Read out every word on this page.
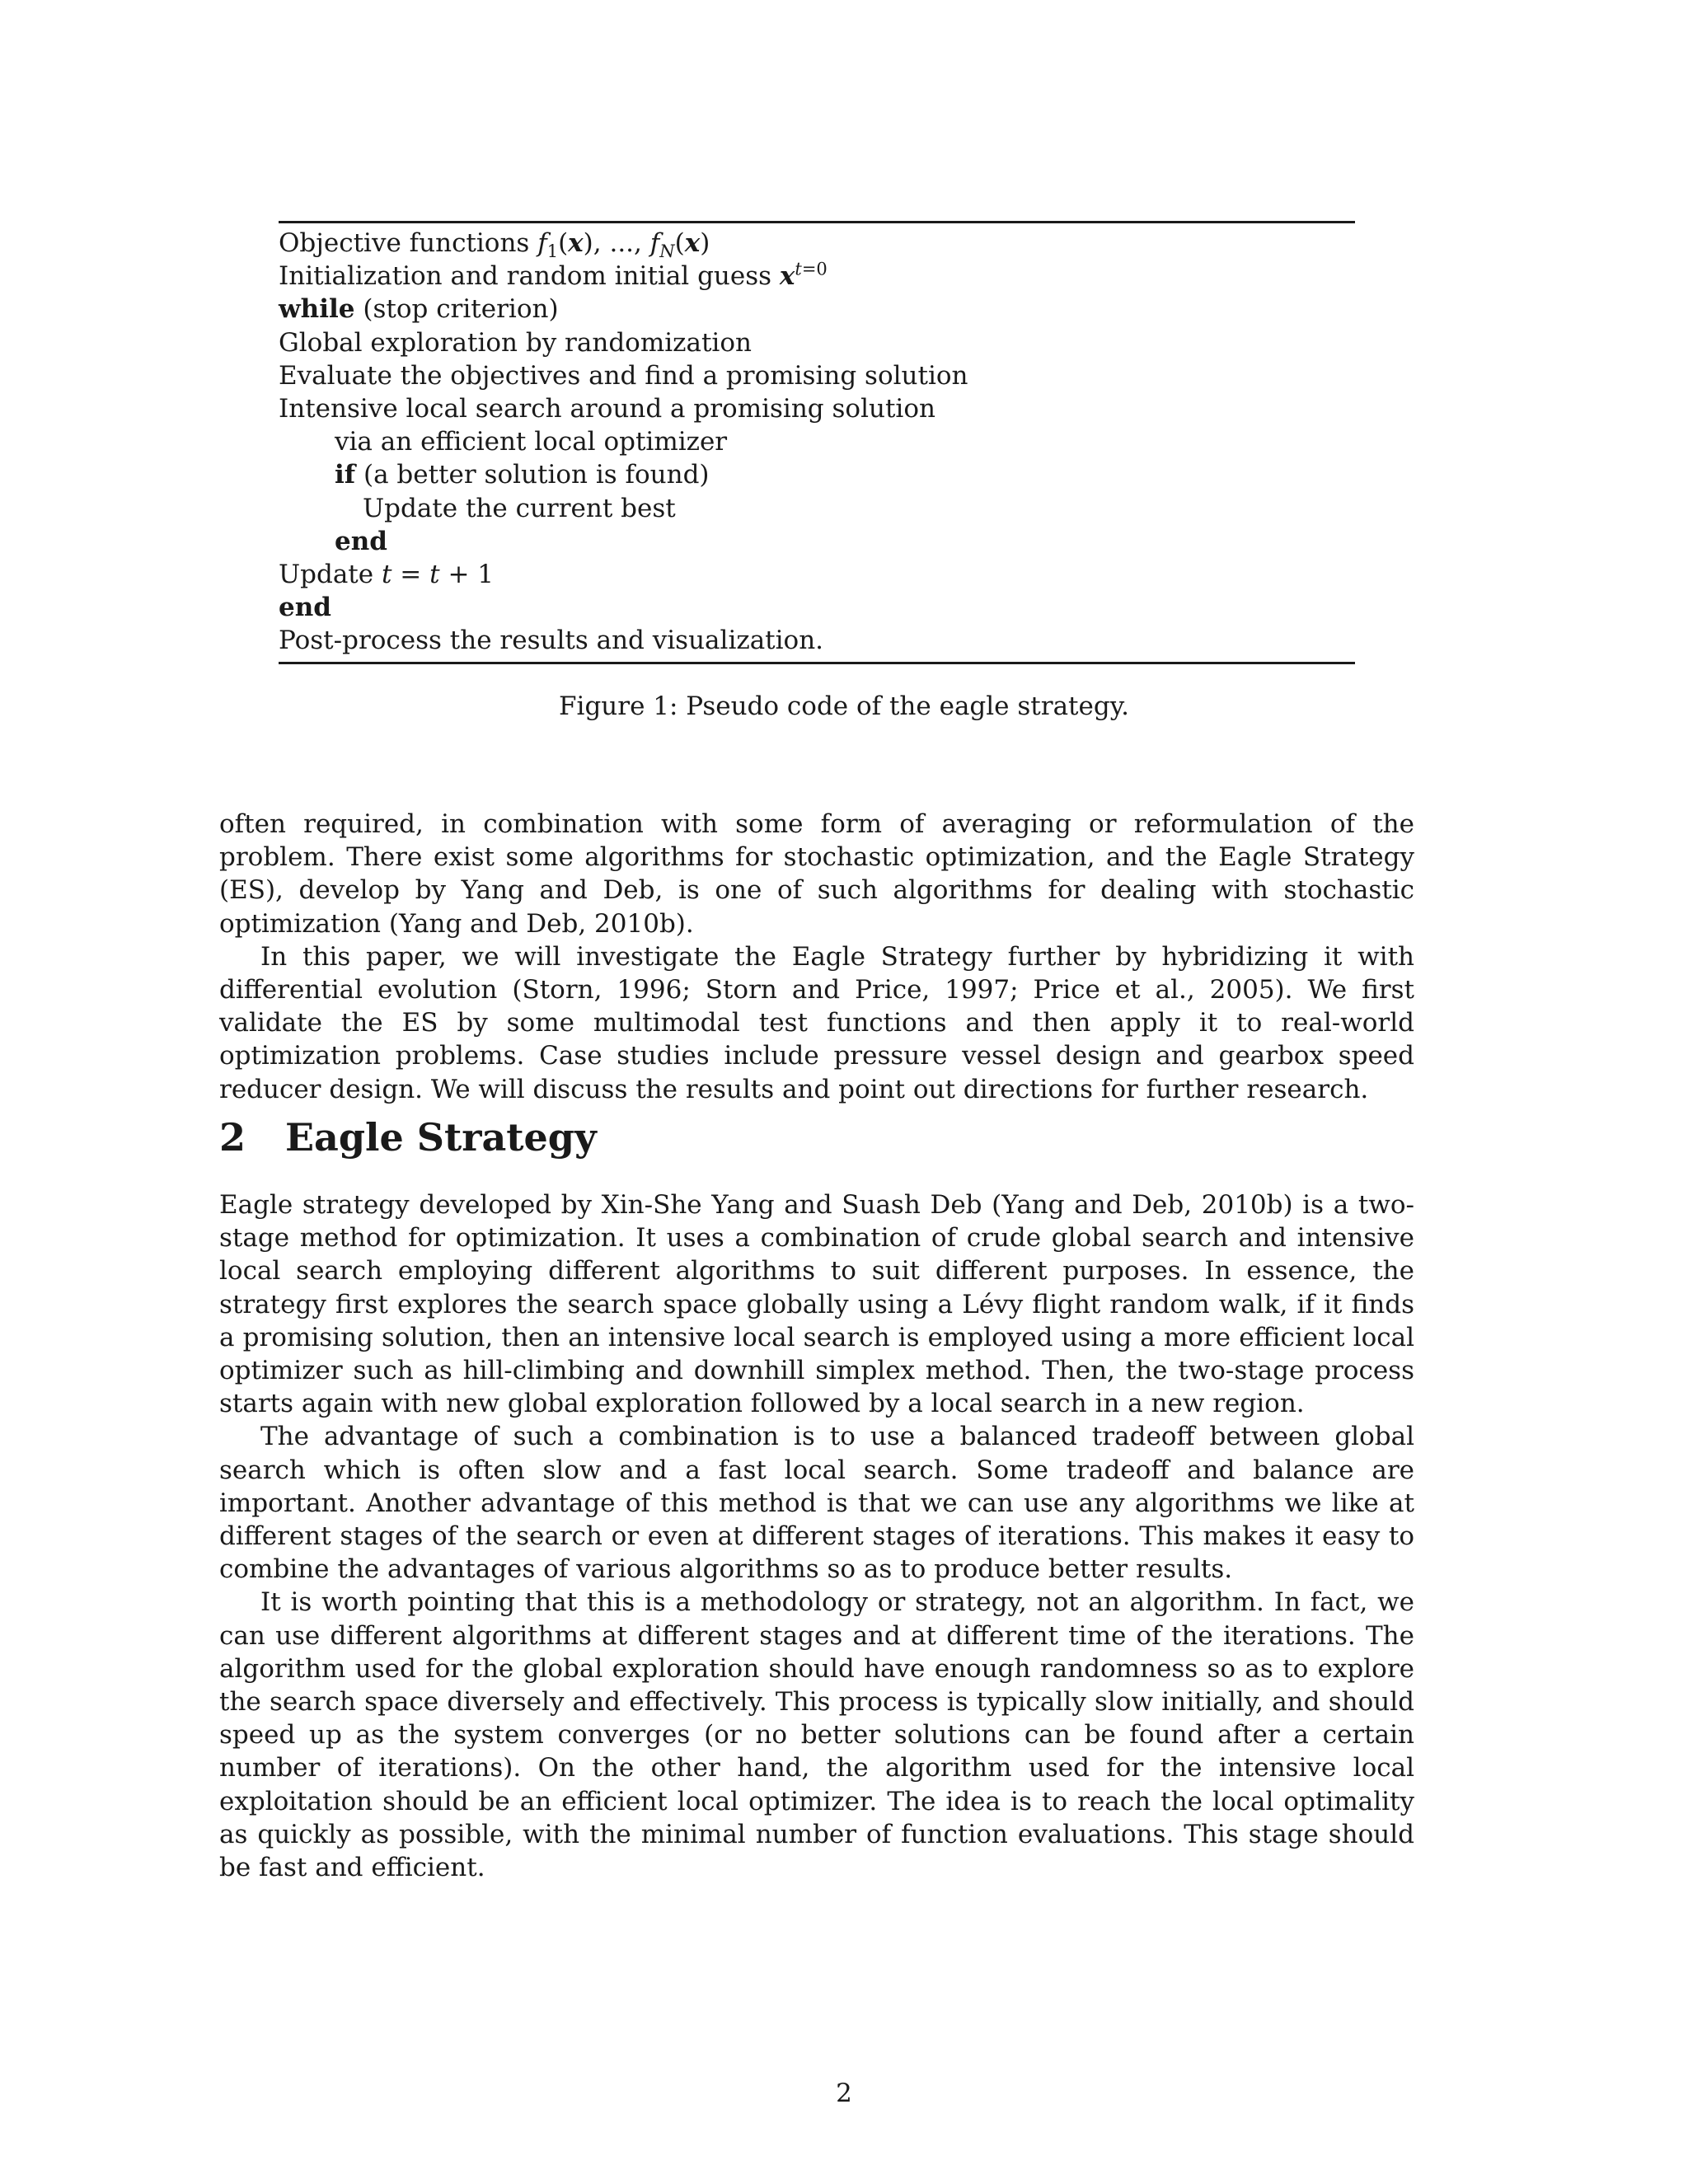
Objective functions $f_1(x)$, ..., $f_N(x)$
Initialization and random initial guess $x^{t=0}$
while (stop criterion)
Global exploration by randomization
Evaluate the objectives and find a promising solution
Intensive local search around a promising solution
via an efficient local optimizer
if (a better solution is found)
Update the current best
end
Update t = t + 1
end
Post-process the results and visualization.
Figure 1: Pseudo code of the eagle strategy.

often required, in combination with some form of averaging or reformulation of the problem. There exist some algorithms for stochastic optimization, and the Eagle Strategy (ES), develop by Yang and Deb, is one of such algorithms for dealing with stochastic optimization (Yang and Deb, 2010b).

In this paper, we will investigate the Eagle Strategy further by hybridizing it with differential evolution (Storn, 1996; Storn and Price, 1997; Price et al., 2005). We first validate the ES by some multimodal test functions and then apply it to real-world optimization problems. Case studies include pressure vessel design and gearbox speed reducer design. We will discuss the results and point out directions for further research.

2 Eagle Strategy

Eagle strategy developed by Xin-She Yang and Suash Deb (Yang and Deb, 2010b) is a two-stage method for optimization. It uses a combination of crude global search and intensive local search employing different algorithms to suit different purposes. In essence, the strategy first explores the search space globally using a Lévy flight random walk, if it finds a promising solution, then an intensive local search is employed using a more efficient local optimizer such as hill-climbing and downhill simplex method. Then, the two-stage process starts again with new global exploration followed by a local search in a new region.

The advantage of such a combination is to use a balanced tradeoff between global search which is often slow and a fast local search. Some tradeoff and balance are important. Another advantage of this method is that we can use any algorithms we like at different stages of the search or even at different stages of iterations. This makes it easy to combine the advantages of various algorithms so as to produce better results.

It is worth pointing that this is a methodology or strategy, not an algorithm. In fact, we can use different algorithms at different stages and at different time of the iterations. The algorithm used for the global exploration should have enough randomness so as to explore the search space diversely and effectively. This process is typically slow initially, and should speed up as the system converges (or no better solutions can be found after a certain number of iterations). On the other hand, the algorithm used for the intensive local exploitation should be an efficient local optimizer. The idea is to reach the local optimality as quickly as possible, with the minimal number of function evaluations. This stage should be fast and efficient.

2
